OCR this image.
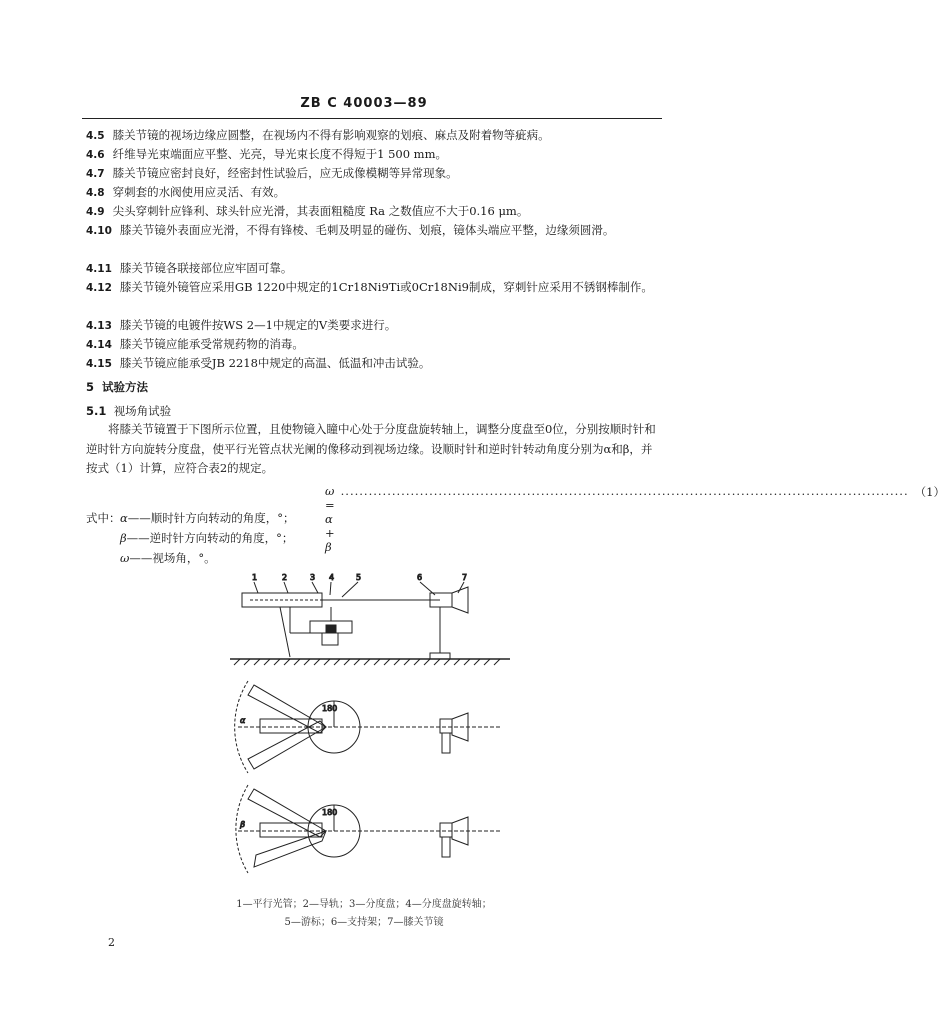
ZB C 40003—89
4.5 膝关节镜的视场边缘应圆整，在视场内不得有影响观察的划痕、麻点及附着物等疵病。
4.6 纤维导光束端面应平整、光亮，导光束长度不得短于1 500 mm。
4.7 膝关节镜应密封良好，经密封性试验后，应无成像模糊等异常现象。
4.8 穿刺套的水阀使用应灵活、有效。
4.9 尖头穿刺针应锋利、球头针应光滑，其表面粗糙度 Ra 之数值应不大于0.16 μm。
4.10 膝关节镜外表面应光滑，不得有锋棱、毛刺及明显的碰伤、划痕，镜体头端应平整，边缘须圆滑。
4.11 膝关节镜各联接部位应牢固可靠。
4.12 膝关节镜外镜管应采用GB 1220中规定的1Cr18Ni9Ti或0Cr18Ni9制成，穿刺针应采用不锈钢棒制作。
4.13 膝关节镜的电镀件按WS 2—1中规定的V类要求进行。
4.14 膝关节镜应能承受常规药物的消毒。
4.15 膝关节镜应能承受JB 2218中规定的高温、低温和冲击试验。
5 试验方法
5.1 视场角试验
将膝关节镜置于下图所示位置，且使物镜入瞳中心处于分度盘旋转轴上，调整分度盘至0位，分别按顺时针和逆时针方向旋转分度盘，使平行光管点状光阑的像移动到视场边缘。设顺时针和逆时针转动角度分别为α和β，并按式（1）计算，应符合表2的规定。
ω = α + β
.......................................................................................................................... （1）
式中： α——顺时针方向转动的角度，°；
β——逆时针方向转动的角度，°；
ω——视场角，°。
1	2	3 4	5	6	7
180
α
180
β
1—平行光管；2—导轨；3—分度盘；4—分度盘旋转轴；
5—游标；6—支持架；7—膝关节镜
2
